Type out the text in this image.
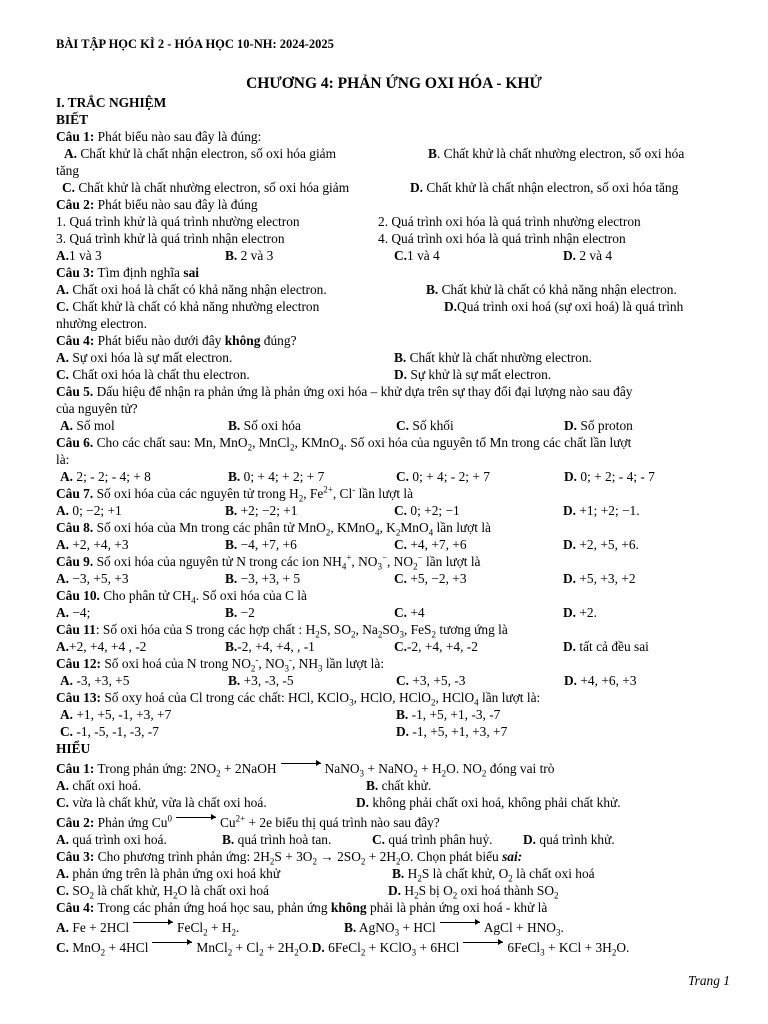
BÀI TẬP HỌC KÌ 2 - HÓA HỌC 10-NH: 2024-2025
CHƯƠNG 4: PHẢN ỨNG OXI HÓA - KHỬ
I. TRẮC NGHIỆM
BIẾT
Câu 1: Phát biểu nào sau đây là đúng:
A. Chất khử là chất nhận electron, số oxi hóa giảm	B. Chất khử là chất nhường electron, số oxi hóa
tăng
C. Chất khử là chất nhường electron, số oxi hóa giảm	D. Chất khử là chất nhận electron, số oxi hóa tăng
Câu 2: Phát biểu nào sau đây là đúng
1. Quá trình khử là quá trình nhường electron	2. Quá trình oxi hóa là quá trình nhường electron
3. Quá trình khử là quá trình nhận electron	4. Quá trình oxi hóa là quá trình nhận electron
A.1 và 3	B. 2 và 3	C.1 và 4	D. 2 và 4
Câu 3: Tìm định nghĩa sai
A. Chất oxi hoá là chất có khả năng nhận electron.	B. Chất khử là chất có khả năng nhận electron.
C. Chất khử là chất có khả năng nhường electron	D.Quá trình oxi hoá (sự oxi hoá) là quá trình
nhường electron.
Câu 4: Phát biểu nào dưới đây không đúng?
A. Sự oxi hóa là sự mất electron.	B. Chất khử là chất nhường electron.
C. Chất oxi hóa là chất thu electron.	D. Sự khử là sự mất electron.
Câu 5. Dấu hiệu để nhận ra phản ứng là phản ứng oxi hóa – khử dựa trên sự thay đổi đại lượng nào sau đây
của nguyên tử?
A. Số mol	B. Số oxi hóa	C. Số khối	D. Số proton
Câu 6. Cho các chất sau: Mn, MnO$_2$, MnCl$_2$, KMnO$_4$. Số oxi hóa của nguyên tố Mn trong các chất lần lượt
là:
A. 2; - 2; - 4; + 8	B. 0; + 4; + 2; + 7	C. 0; + 4; - 2; + 7	D. 0; + 2; - 4; - 7
Câu 7. Số oxi hóa của các nguyên tử trong $H_2$, $Fe^{2+}$, Cl- lần lượt là
A. 0; −2; +1	B. +2; −2; +1	C. 0; +2; −1	D. +1; +2; −1.
Câu 8. Số oxi hóa của Mn trong các phân tử MnO$_2$, KMnO$_4$, $K_2MnO_4$ lần lượt là
A. +2, +4, +3	B. −4, +7, +6	C. +4, +7, +6	D. +2, +5, +6.
Câu 9. Số oxi hóa của nguyên tử N trong các ion $NH_4^+$, $NO_3^-$, $NO_2^-$ lần lượt là
A. −3, +5, +3	B. −3, +3, + 5	C. +5, −2, +3	D. +5, +3, +2
Câu 10. Cho phân tử $CH_4$. Số oxi hóa của C là
A. −4;	B. −2	C. +4	D. +2.
Câu 11: Số oxi hóa của S trong các hợp chất : $H_2S$, $SO_2$, $Na_2SO_3$, FeS$_2$ tương ứng là
A.+2, +4, +4 , -2	B.-2, +4, +4, , -1	C.-2, +4, +4, -2	D. tất cả đều sai
Câu 12: Số oxi hoá của N trong $NO_2^-$, $NO_3^-$, $NH_3$ lần lượt là:
A. -3, +3, +5	B. +3, -3, -5	C. +3, +5, -3	D. +4, +6, +3
Câu 13: Số oxy hoá của Cl trong các chất: HCl, KClO$_3$, HClO, HClO$_2$, HClO$_4$ lần lượt là:
A. +1, +5, -1, +3, +7	B. -1, +5, +1, -3, -7
C. -1, -5, -1, -3, -7	D. -1, +5, +1, +3, +7
HIỂU
Câu 1: Trong phản ứng: $2NO_2$ + 2NaOH	NaNO$_3$ + NaNO$_2$ + $H_2O$. $NO_2$ đóng vai trò
A. chất oxi hoá.	B. chất khử.
C. vừa là chất khử, vừa là chất oxi hoá.	D. không phải chất oxi hoá, không phải chất khử.
Câu 2: Phản ứng Cu$^0$	$Cu^{2+} + 2e$ biểu thị quá trình nào sau đây?
A. quá trình oxi hoá.	B. quá trình hoà tan.	C. quá trình phân huỷ.	D. quá trình khử.
Câu 3: Cho phương trình phản ứng: $2H_2S + 3O_2 \to 2SO_2 + 2H_2O$. Chọn phát biểu sai:
A. phản ứng trên là phản ứng oxi hoá khử	B. $H_2S$ là chất khử, $O_2$ là chất oxi hoá
C. $SO_2$ là chất khử, $H_2O$ là chất oxi hoá	D. $H_2S$ bị $O_2$ oxi hoá thành $SO_2$
Câu 4: Trong các phản ứng hoá học sau, phản ứng không phải là phản ứng oxi hoá - khử là
A. Fe + 2HCl	FeCl$_2$ + $H_2$.	B. AgNO$_3$ + HCl	AgCl + $HNO_3$.
C. MnO$_2$ + 4HCl	MnCl$_2$ + $Cl_2 + 2H_2O$. D. 6FeCl$_2$ + KClO$_3$ + 6HCl	6FeCl$_3$ + KCl + $3H_2O$.
Trang 1
